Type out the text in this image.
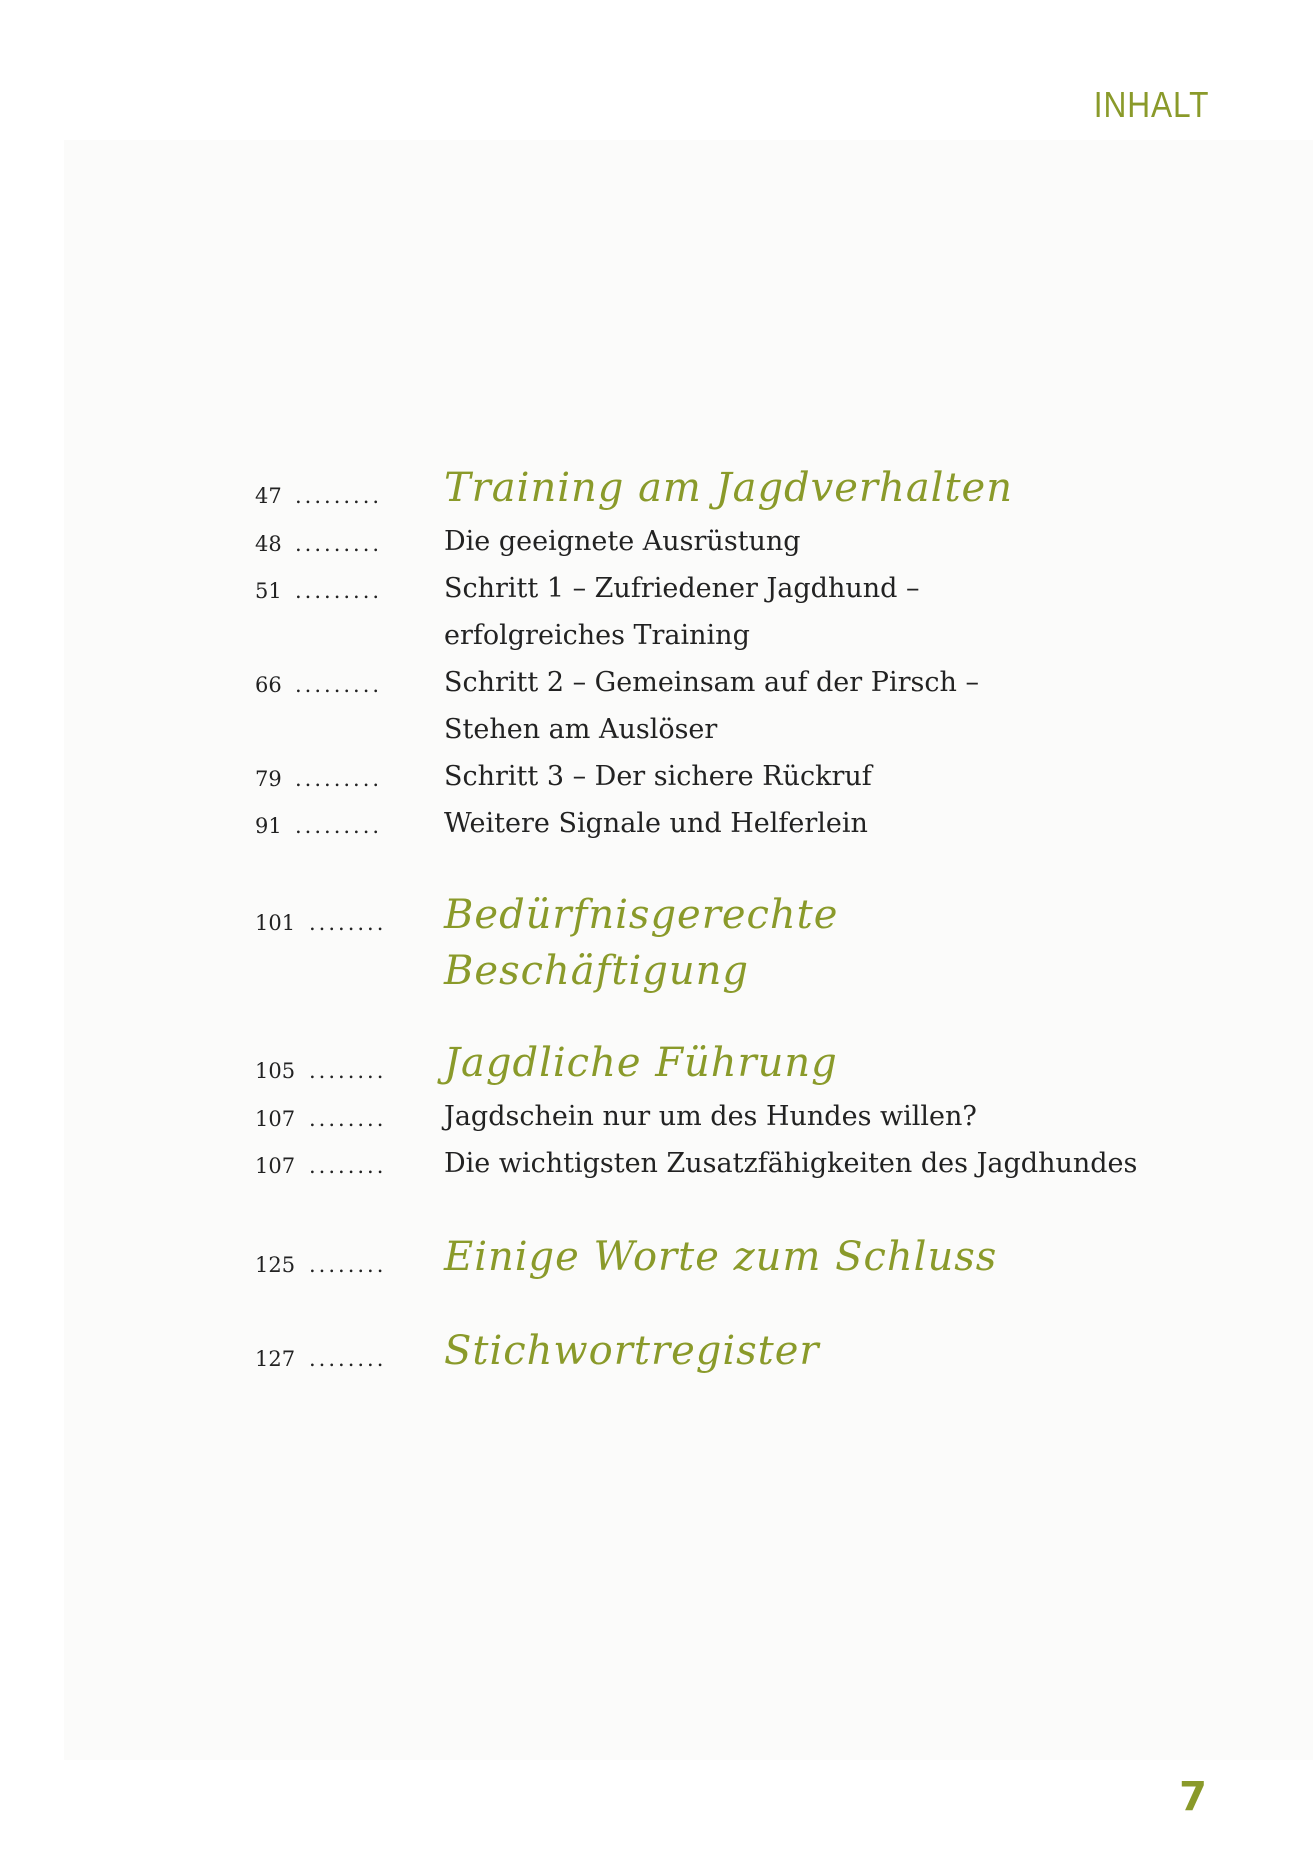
INHALT
47 ......... Training am Jagdverhalten
48 ......... Die geeignete Ausrüstung
51 ......... Schritt 1 – Zufriedener Jagdhund –
erfolgreiches Training
66 ......... Schritt 2 – Gemeinsam auf der Pirsch –
Stehen am Auslöser
79 ......... Schritt 3 – Der sichere Rückruf
91 ......... Weitere Signale und Helferlein
101 ........ Bedürfnisgerechte
Beschäftigung
105 ........ Jagdliche Führung
107 ........ Jagdschein nur um des Hundes willen?
107 ........ Die wichtigsten Zusatzfähigkeiten des Jagdhundes
125 ........ Einige Worte zum Schluss
127 ........ Stichwortregister
7
